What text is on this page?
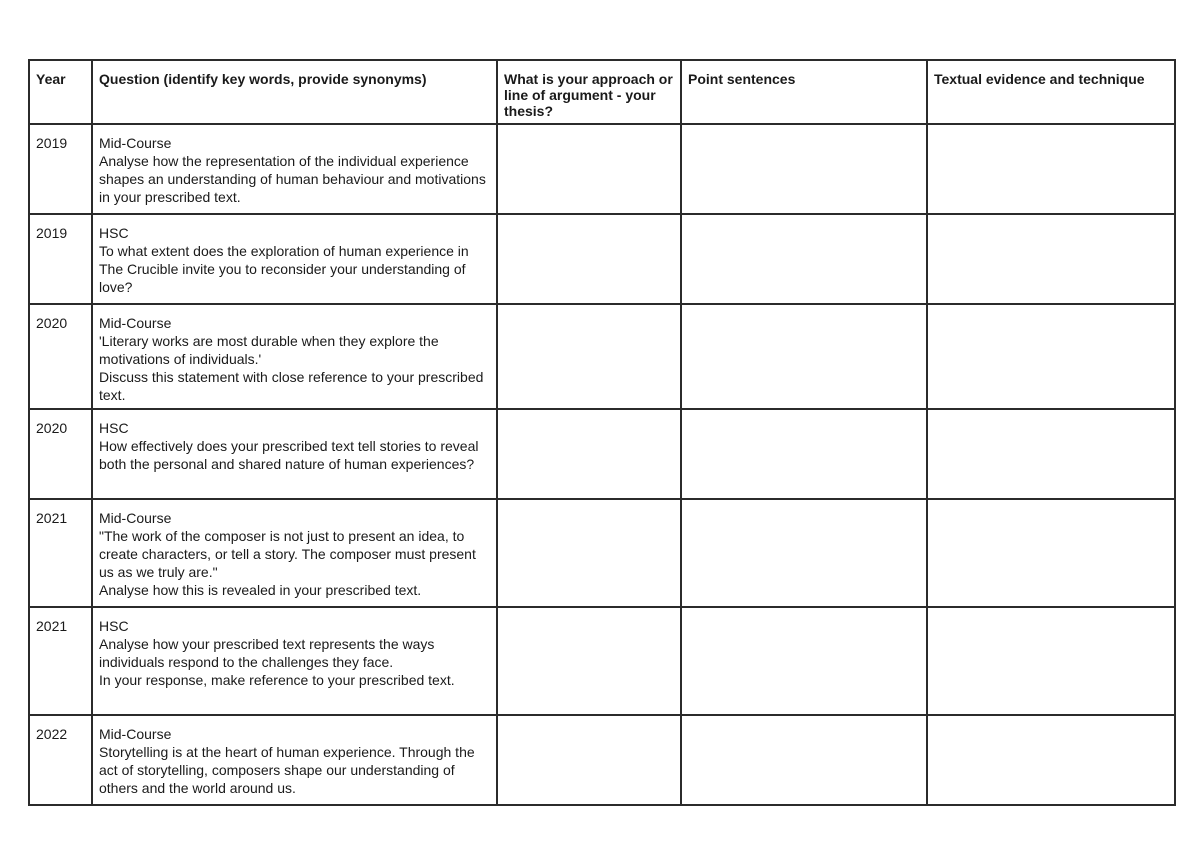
Year	Question (identify key words, provide synonyms)	What is your approach or line of argument - your thesis?	Point sentences	Textual evidence and technique
2019	Mid-Course
Analyse how the representation of the individual experience shapes an understanding of human behaviour and motivations in your prescribed text.			

2019	HSC
To what extent does the exploration of human experience in The Crucible invite you to reconsider your understanding of love?			

2020	Mid-Course
'Literary works are most durable when they explore the motivations of individuals.'
Discuss this statement with close reference to your prescribed text.			

2020	HSC
How effectively does your prescribed text tell stories to reveal both the personal and shared nature of human experiences?			

2021	Mid-Course
"The work of the composer is not just to present an idea, to create characters, or tell a story. The composer must present us as we truly are."
Analyse how this is revealed in your prescribed text.			

2021	HSC
Analyse how your prescribed text represents the ways individuals respond to the challenges they face.
In your response, make reference to your prescribed text.			

2022	Mid-Course
Storytelling is at the heart of human experience. Through the act of storytelling, composers shape our understanding of others and the world around us.			
